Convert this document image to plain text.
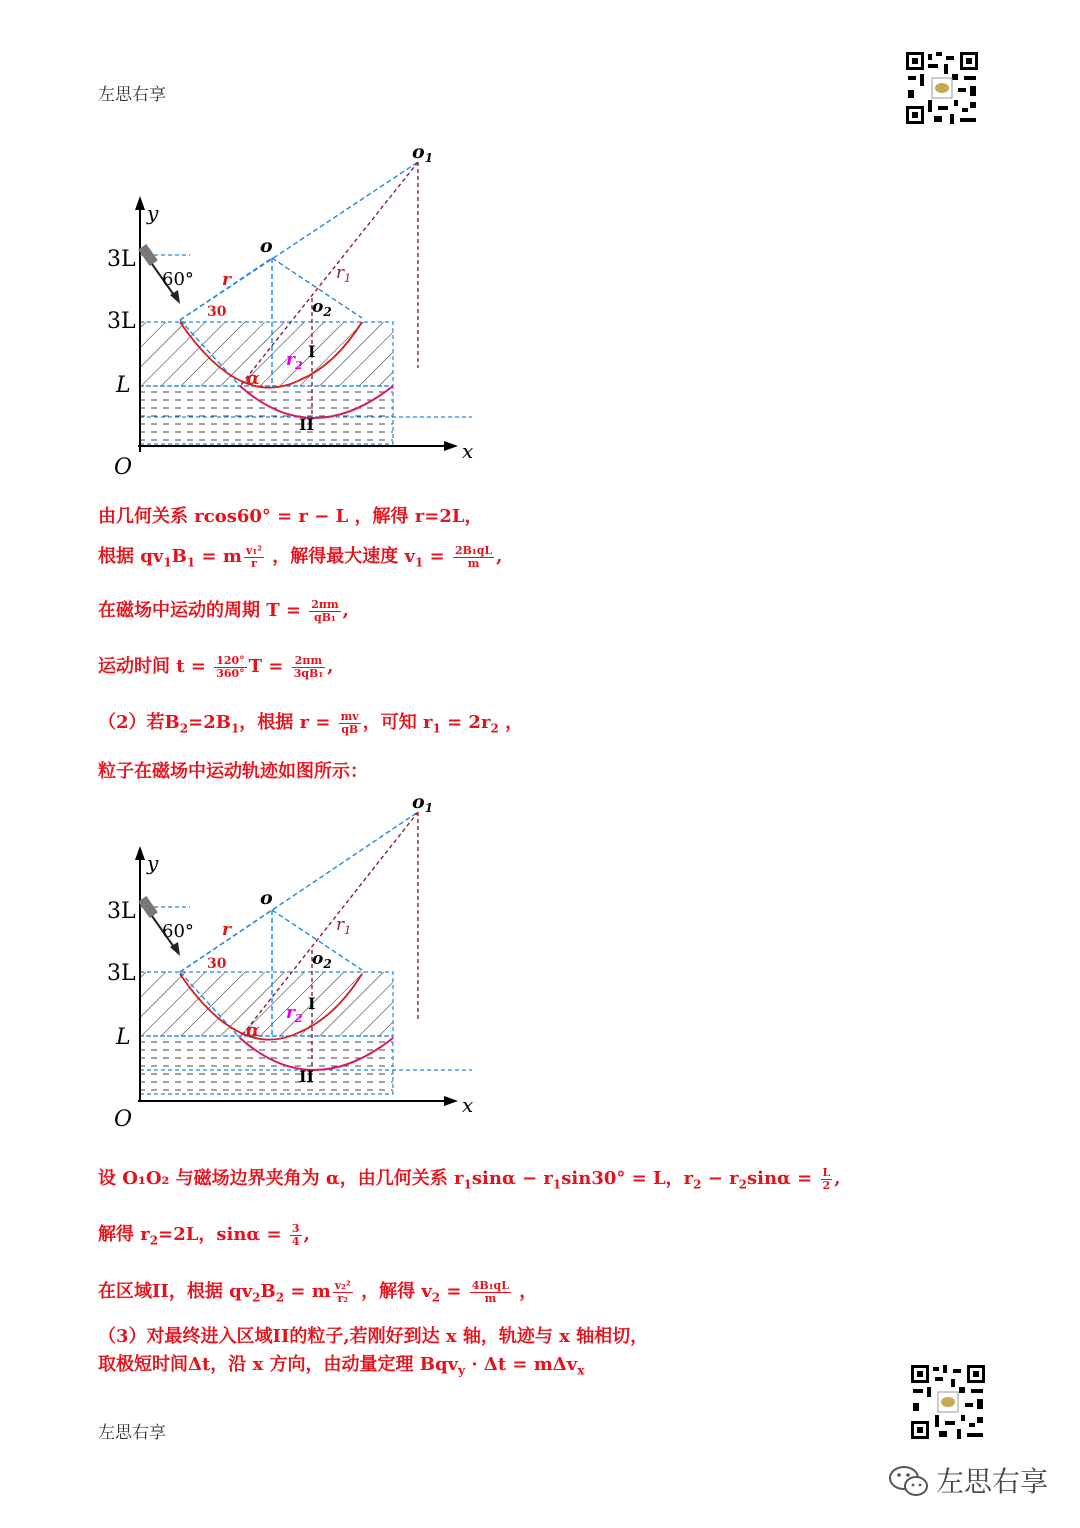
左思右享
左思右享
$o_1$
o
$o_2$
y
x
O
3L
3L
L
60°
30
r	$r_1$
$r_2$
α
I
II
$o_1$
o
$o_2$
y
x
O
3L
3L
L
60°
30
r	$r_1$
$r_2$
α
I
II
由几何关系 rcos60° = r − L ，解得 r=2L，
根据 $qv_1B_1 = m \frac{\text{v₁²}}{r}$ ，解得最大速度 $v_1 = \frac{\text{2B₁qL}}{m}$ ,
在磁场中运动的周期 $T = \frac{2\pi m}{\text{qB₁}}$ ,
运动时间 $t = \frac{120^\circ}{360^\circ}$ $T = \frac{2\pi m}{\text{3qB₁}}$ ,
（2）若$B_2=2B_1$，根据 $r = \frac{mv}{qB}$ ，可知 $r_1 = 2r_2$ ，
粒子在磁场中运动轨迹如图所示：
设 O₁O₂ 与磁场边界夹角为 α，由几何关系 $r_1\sin\alpha - r_1\sin 30^\circ = L$，$r_2 - r_2\sin\alpha = \frac{L}{2}$ ,
解得 $r_2=2L$，$\sin\alpha = \frac{3}{4}$ ,
在区域II，根据 $qv_2B_2 = m \frac{\text{v₂²}}{\text{r₂}}$ ，解得 $v_2 = \frac{\text{4B₁qL}}{m}$ ，
（3）对最终进入区域II的粒子,若刚好到达 x 轴，轨迹与 x 轴相切，
取极短时间Δt，沿 x 方向，由动量定理 Bqv$_y$ · Δt = mΔv$_x$
左思右享
